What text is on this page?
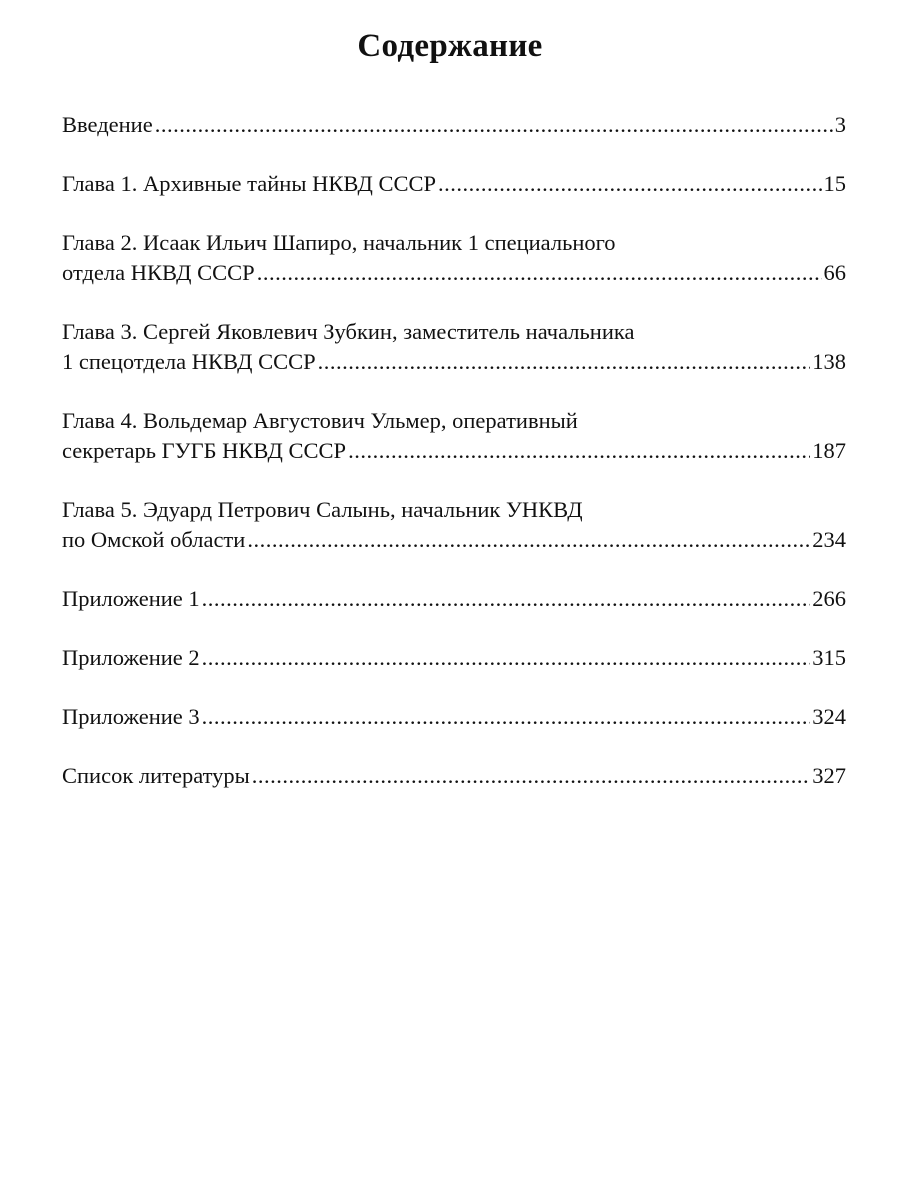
Содержание
Введение .....	3
Глава 1. Архивные тайны НКВД СССР .....	15
Глава 2. Исаак Ильич Шапиро, начальник 1 специального
отдела НКВД СССР .....	66
Глава 3. Сергей Яковлевич Зубкин, заместитель начальника
1 спецотдела НКВД СССР .....	138
Глава 4. Вольдемар Августович Ульмер, оперативный
секретарь ГУГБ НКВД СССР .....	187
Глава 5. Эдуард Петрович Салынь, начальник УНКВД
по Омской области .....	234
Приложение 1 .....	266
Приложение 2 .....	315
Приложение 3 .....	324
Список литературы .....	327
